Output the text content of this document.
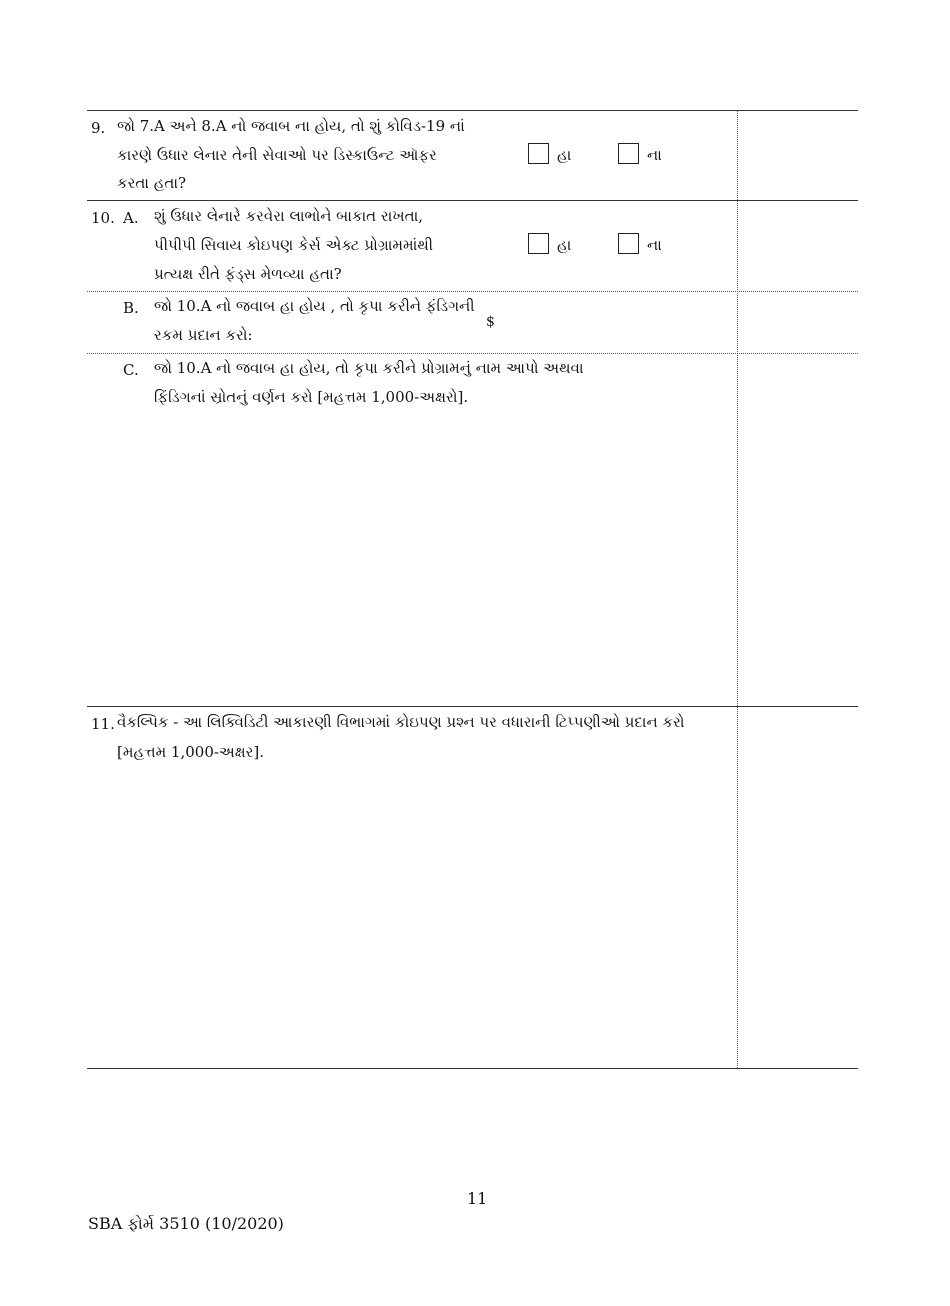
9. જો 7.A અને 8.A નો જવાબ ના હોય, તો શું કોવિડ-19 નાં
કારણે ઉધાર લેનાર તેની સેવાઓ પર ડિસ્કાઉન્ટ ઑફર
કરતા હતા?
હા	ના
10. A. શું ઉધાર લેનારે કરવેરા લાભોને બાકાત રાખતા,
પીપીપી સિવાય કોઇપણ કેર્સ એક્ટ પ્રોગ્રામમાંથી
પ્રત્યક્ષ રીતે ફંડ્સ મેળવ્યા હતા?
હા	ના
B. જો 10.A નો જવાબ હા હોય , તો કૃપા કરીને ફંડિગની
રકમ પ્રદાન કરો:
$
C. જો 10.A નો જવાબ હા હોય, તો કૃપા કરીને પ્રોગ્રામનું નામ આપો અથવા
ફિંડિગનાં સ્રોતનું વર્ણન કરો [મહત્તમ 1,000-અક્ષરો].
11. વૈકલ્પિક - આ લિક્વિડિટી આકારણી વિભાગમાં કોઇપણ પ્રશ્ન પર વધારાની ટિપ્પણીઓ પ્રદાન કરો
[મહત્તમ 1,000-અક્ષર].
11
SBA ફોર્મ 3510 (10/2020)
